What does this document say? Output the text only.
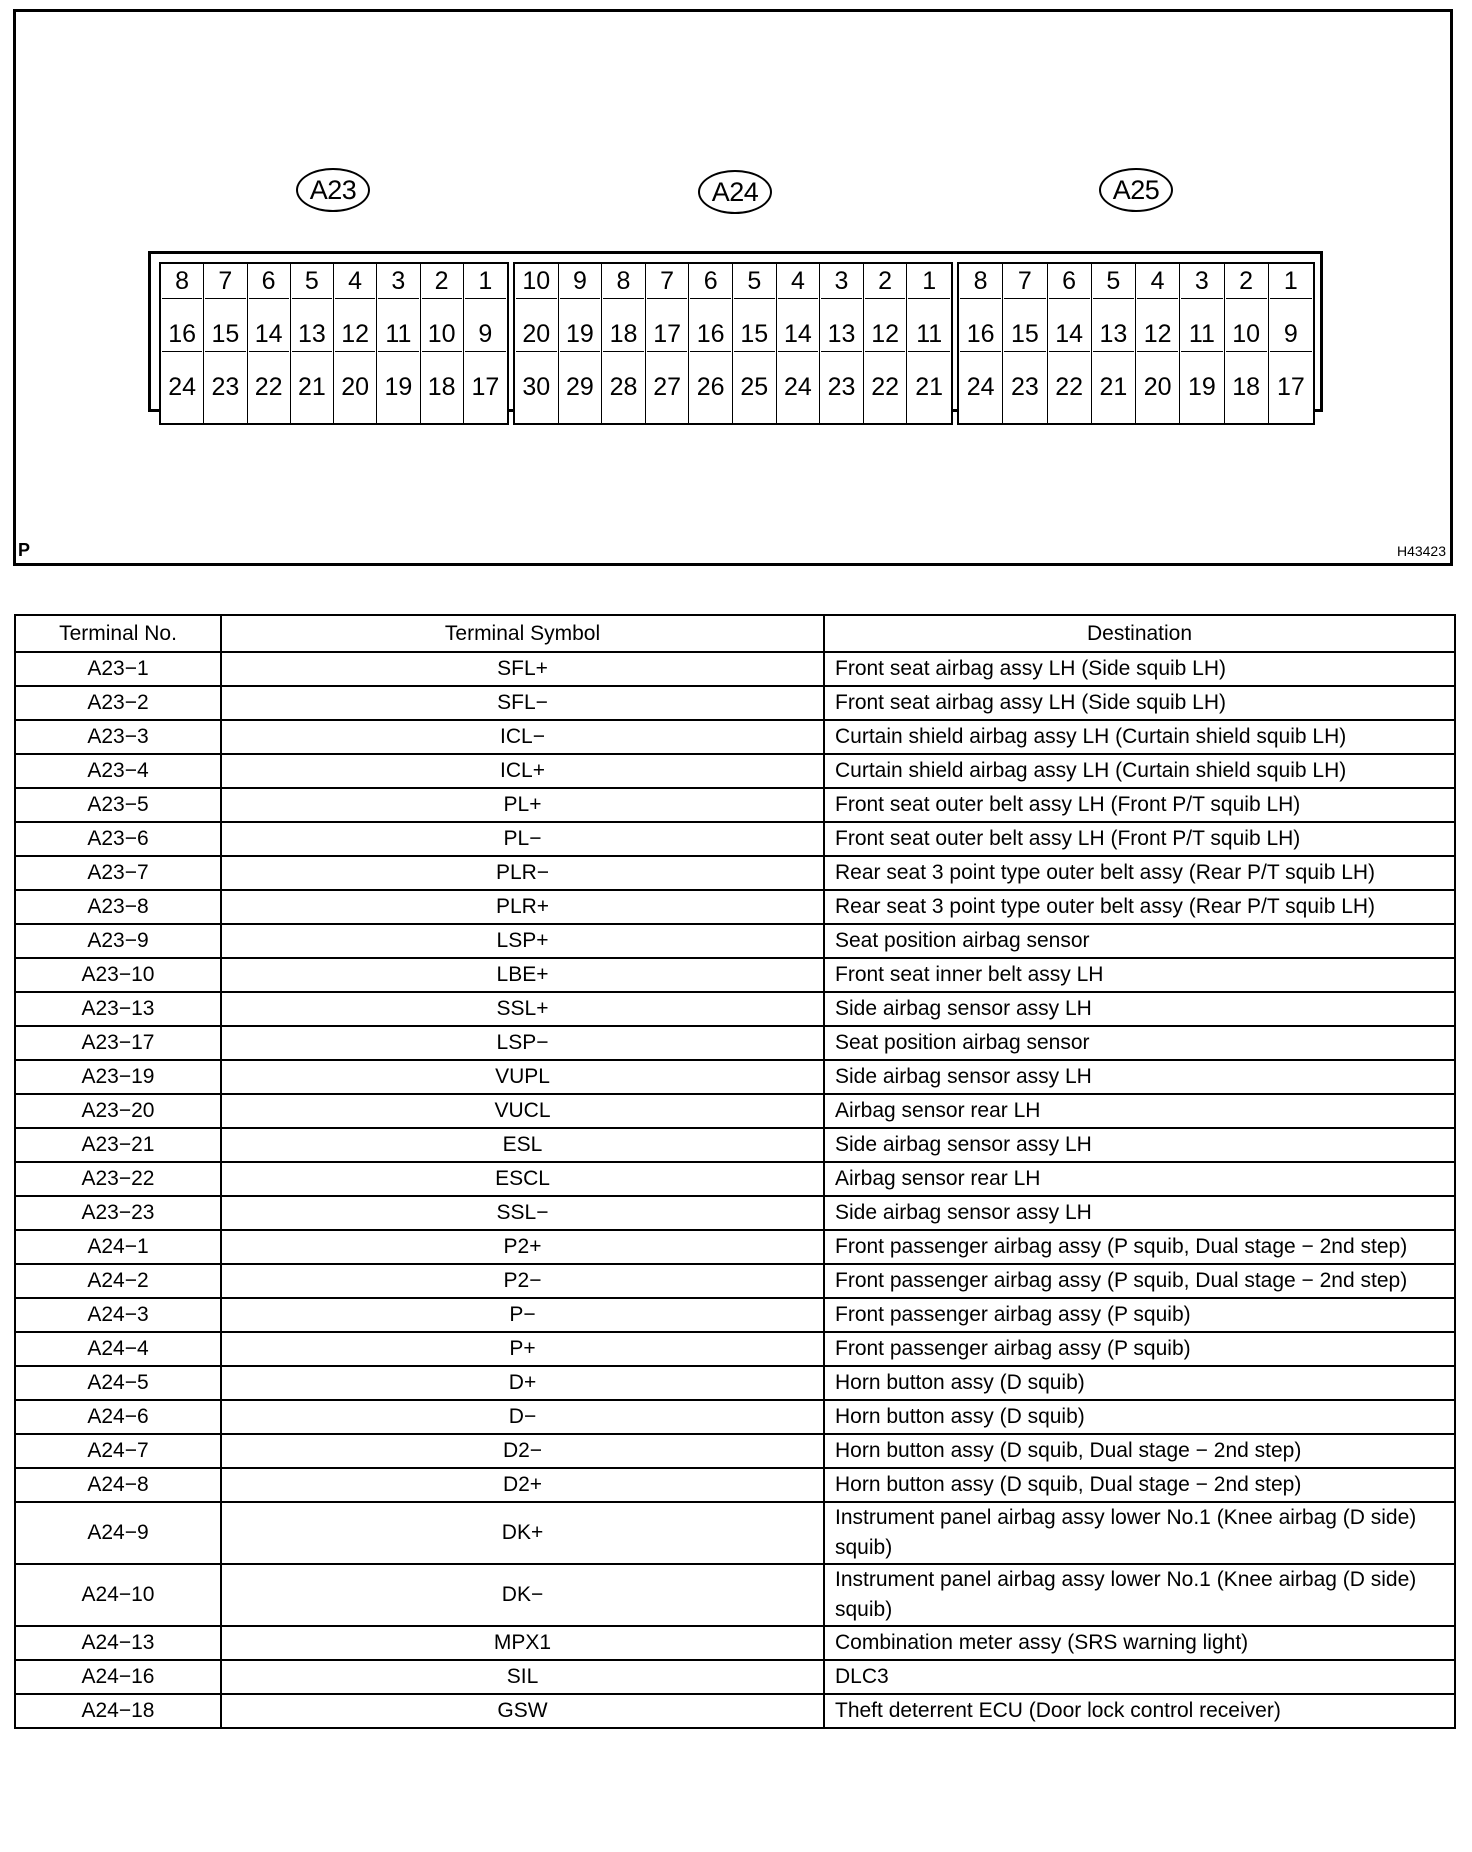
A23	A24	A25
8	7	6	5	4	3	2	1
16 15 14 13 12 11 10 9
24 23 22 21 20 19 18 17
10 9	8	7	6	5	4	3	2	1
20 19 18 17 16 15 14 13 12 11
30 29 28 27 26 25 24 23 22 21
8	7	6	5	4	3	2	1
16 15 14 13 12 11 10 9
24 23 22 21 20 19 18 17
P	H43423
Terminal No.	Terminal Symbol	Destination
A23−1	SFL+	Front seat airbag assy LH (Side squib LH)
A23−2	SFL−	Front seat airbag assy LH (Side squib LH)
A23−3	ICL−	Curtain shield airbag assy LH (Curtain shield squib LH)
A23−4	ICL+	Curtain shield airbag assy LH (Curtain shield squib LH)
A23−5	PL+	Front seat outer belt assy LH (Front P/T squib LH)
A23−6	PL−	Front seat outer belt assy LH (Front P/T squib LH)
A23−7	PLR−	Rear seat 3 point type outer belt assy (Rear P/T squib LH)
A23−8	PLR+	Rear seat 3 point type outer belt assy (Rear P/T squib LH)
A23−9	LSP+	Seat position airbag sensor
A23−10	LBE+	Front seat inner belt assy LH
A23−13	SSL+	Side airbag sensor assy LH
A23−17	LSP−	Seat position airbag sensor
A23−19	VUPL	Side airbag sensor assy LH
A23−20	VUCL	Airbag sensor rear LH
A23−21	ESL	Side airbag sensor assy LH
A23−22	ESCL	Airbag sensor rear LH
A23−23	SSL−	Side airbag sensor assy LH
A24−1	P2+	Front passenger airbag assy (P squib, Dual stage − 2nd step)
A24−2	P2−	Front passenger airbag assy (P squib, Dual stage − 2nd step)
A24−3	P−	Front passenger airbag assy (P squib)
A24−4	P+	Front passenger airbag assy (P squib)
A24−5	D+	Horn button assy (D squib)
A24−6	D−	Horn button assy (D squib)
A24−7	D2−	Horn button assy (D squib, Dual stage − 2nd step)
A24−8	D2+	Horn button assy (D squib, Dual stage − 2nd step)
A24−9	DK+	Instrument panel airbag assy lower No.1 (Knee airbag (D side) squib)
A24−10	DK−	Instrument panel airbag assy lower No.1 (Knee airbag (D side) squib)
A24−13	MPX1	Combination meter assy (SRS warning light)
A24−16	SIL	DLC3
A24−18	GSW	Theft deterrent ECU (Door lock control receiver)
